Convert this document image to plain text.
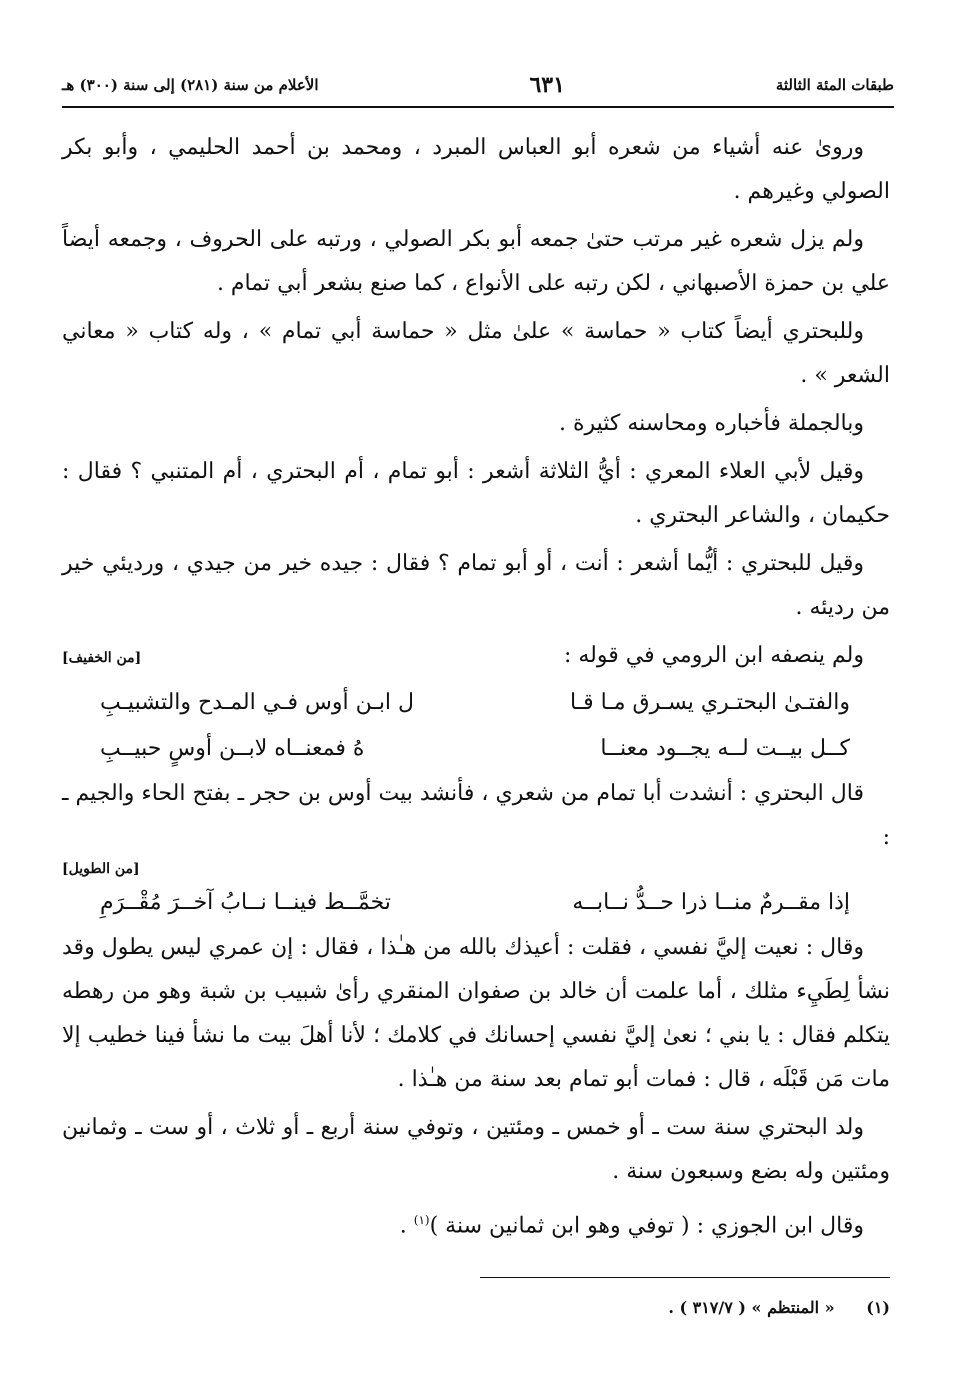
طبقات المئة الثالثة
٦٣١
الأعلام من سنة (٢٨١) إلى سنة (٣٠٠) هـ

ورویٰ عنه أشياء من شعره أبو العباس المبرد ، ومحمد بن أحمد الحليمي ، وأبو بكر الصولي وغيرهم .

ولم يزل شعره غير مرتب حتىٰ جمعه أبو بكر الصولي ، ورتبه على الحروف ، وجمعه أيضاً علي بن حمزة الأصبهاني ، لكن رتبه على الأنواع ، كما صنع بشعر أبي تمام .

وللبحتري أيضاً كتاب « حماسة » علىٰ مثل « حماسة أبي تمام » ، وله كتاب « معاني الشعر » .

وبالجملة فأخباره ومحاسنه كثيرة .

وقيل لأبي العلاء المعري : أيُّ الثلاثة أشعر : أبو تمام ، أم البحتري ، أم المتنبي ؟ فقال : حكيمان ، والشاعر البحتري .

وقيل للبحتري : أيُّما أشعر : أنت ، أو أبو تمام ؟ فقال : جيده خير من جيدي ، ورديئي خير من رديئه .

ولم ينصفه ابن الرومي في قوله :
[من الخفيف]
والفتـىٰ البحتـري يسـرق مـا قـا
ل ابـن أوس فـي المـدح والتشبيـبِ
كــل بيــت لــه يجــود معنــا
هُ فمعنــاه لابــن أوسٍ حبيــبِ

قال البحتري : أنشدت أبا تمام من شعري ، فأنشد بيت أوس بن حجر ـ بفتح الحاء والجيم ـ :

[من الطويل]
إذا مقــرمٌ منــا ذرا حــدُّ نــابــه
تخمَّــط فينــا نــابُ آخــرَ مُقْــرَمِ

وقال : نعيت إليَّ نفسي ، فقلت : أعيذك بالله من هـٰذا ، فقال : إن عمري ليس يطول وقد نشأ لِطَيِء مثلك ، أما علمت أن خالد بن صفوان المنقري رأىٰ شبيب بن شبة وهو من رهطه يتكلم فقال : يا بني ؛ نعىٰ إليَّ نفسي إحسانك في كلامك ؛ لأنا أهلَ بيت ما نشأ فينا خطيب إلا مات مَن قَبْلَه ، قال : فمات أبو تمام بعد سنة من هـٰذا .

ولد البحتري سنة ست ـ أو خمس ـ ومئتين ، وتوفي سنة أربع ـ أو ثلاث ، أو ست ـ وثمانين ومئتين وله بضع وسبعون سنة .

وقال ابن الجوزي : ( توفي وهو ابن ثمانين سنة )$^{(١)}$ .

(١) « المنتظم » ( ٣١٧/٧ ) .
